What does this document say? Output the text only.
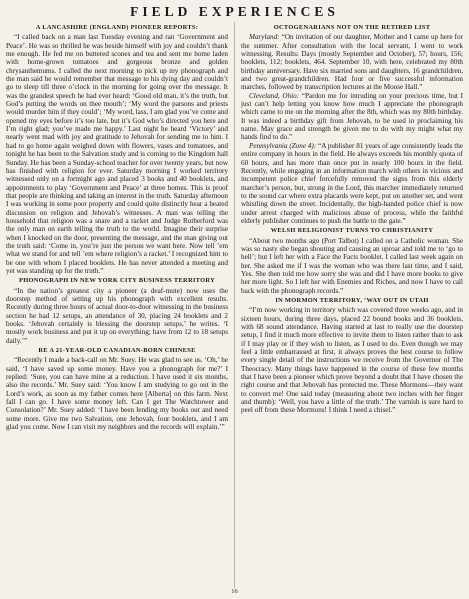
FIELD EXPERIENCES
A LANCASHIRE (ENGLAND) PIONEER REPORTS:

“I called back on a man last Tuesday evening and ran ‘Government and Peace’. He was so thrilled he was beside himself with joy and couldn’t thank me enough. He fed me on buttered scones and tea and sent me home laden with home-grown tomatoes and gorgeous bronze and golden chrysanthemums. I called the next morning to pick up my phonograph and the man said he would remember that message to his dying day and couldn’t go to sleep till three o’clock in the morning for going over the message. It was the grandest speech he had ever heard: ‘Good old man, it’s the truth, but God’s putting the words on thee mouth’; ‘My word the parsons and priests would murder him if they could’; ‘My word, lass, I am glad you’ve come and opened my eyes before it’s too late, but it’s God who’s directed you here and I’m right glad; you’ve made me happy.’ Last night he heard ‘Victory’ and nearly went mad with joy and gratitude to Jehovah for sending me to him. I had to go home again weighed down with flowers, vases and tomatoes, and tonight he has been to the Salvation study and is coming to the Kingdom hall Sunday. He has been a Sunday-school teacher for over twenty years, but now has finished with religion for ever. Saturday morning I worked territory witnessed only on a fortnight ago and placed 3 books and 40 booklets, and appointments to play ‘Government and Peace’ at three homes. This is proof that people are thinking and taking an interest in the truth. Saturday afternoon I was working in some poor property and could quite distinctly hear a heated discussion on religion and Jehovah’s witnesses. A man was telling the household that religion was a snare and a racket and Judge Rutherford was the only man on earth telling the truth to the world. Imagine their surprise when I knocked on the door, presenting the message, and the man giving out the truth said: ‘Come in, you’re just the person we want here. Now tell ’em what we stand for and tell ’em where religion’s a racket.’ I recognized him to be one with whom I placed booklets. He has never attended a meeting and yet was standing up for the truth.”

PHONOGRAPH IN NEW YORK CITY BUSINESS TERRITORY

“In the nation’s greatest city a pioneer (a deaf-mute) now uses the doorstep method of setting up his phonograph with excellent results. Recently during three hours of actual door-to-door witnessing in the business section he had 12 setups, an attendance of 30, placing 24 booklets and 2 books. ‘Jehovah certainly is blessing the doorstep setups,’ he writes. ‘I mostly work business and put it up on everything; have from 12 to 18 setups daily.’”

RE A 21-YEAR-OLD CANADIAN-BORN CHINESE

“Recently I made a back-call on Mr. Suey. He was glad to see us. ‘Oh,’ he said, ‘I have saved up some money. Have you a phonograph for me?’ I replied: ‘Sure, you can have mine at a reduction. I have used it six months, also the records.’ Mr. Suey said: ‘You know I am studying to go out in the Lord’s work, as soon as my father comes here [Alberta] on this farm. Next fall I can go. I have some money left. Can I get The Watchtower and Consolation?’ Mr. Suey added: ‘I have been lending my books out and need some more. Give me two Salvation, one Jehovah, four booklets, and I am glad you come. Now I can visit my neighbors and the records will explain.’”

OCTOGENARIANS NOT ON THE RETIRED LIST

Maryland: “On invitation of our daughter, Mother and I came up here for the summer. After consultation with the local servant, I went to work witnessing. Results: Days (mostly September and October), 57; hours, 156; booklets, 112; booklets, 464. September 10, with here, celebrated my 80th birthday anniversary. Have six married sons and daughters, 16 grandchildren, and two great-grandchildren. Had four or five successful information marches, followed by transcription lectures at the Moose Hall.”

Cleveland, Ohio: “Pardon me for intruding on your precious time, but I just can’t help letting you know how much I appreciate the phonograph which came to me on the morning after the 8th, which was my 80th birthday. It was indeed a birthday gift from Jehovah, to be used in proclaiming his name. May grace and strength be given me to do with my might what my hands find to do.”

Pennsylvania (Zone 4): “A publisher 81 years of age consistently leads the entire company in hours in the field. He always exceeds his monthly quota of 60 hours, and has more than once put in nearly 100 hours in the field. Recently, while engaging in an information march with others in vicious and incompetent police chief forcefully removed the signs from this elderly marcher’s person, but, strong in the Lord, this marcher immediately returned to the sound car where extra placards were kept, put on another set, and went whistling down the street. Incidentally, the high-handed police chief is now under arrest charged with malicious abuse of process, while the faithful elderly publisher continues to push the battle to the gate.”

WELSH RELIGIONIST TURNS TO CHRISTIANITY

“About two months ago (Port Talbot) I called on a Catholic woman. She was so nasty she began shouting and causing an uproar and told me to ‘go to hell’; but I left her with a Face the Facts booklet. I called last week again on her. She asked me if I was the woman who was there last time, and I said, Yes. She then told me how sorry she was and did I have more books to give her more light. So I left her with Enemies and Riches, and now I have to call back with the phonograph records.”

IN MORMON TERRITORY, ‘WAY OUT IN UTAH

“I’m now working in territory which was covered three weeks ago, and in sixteen hours, during three days, placed 22 bound books and 36 booklets, with 68 sound attendance. Having started at last to really use the doorstep setup, I find it much more effective to invite them to listen rather than to ask if I may play or if they wish to listen, as I used to do. Even though we may feel a little embarrassed at first, it always proves the best course to follow every single detail of the instructions we receive from the Governor of The Theocracy. Many things have happened in the course of these few months that I have been a pioneer which prove beyond a doubt that I have chosen the right course and that Jehovah has protected me. These Mormons—they want to convert me! One said today (measuring about two inches with her finger and thumb): ‘Well, you have a little of the truth.’ The varnish is sure hard to peel off from these Mormons! I think I need a chisel.”

16
